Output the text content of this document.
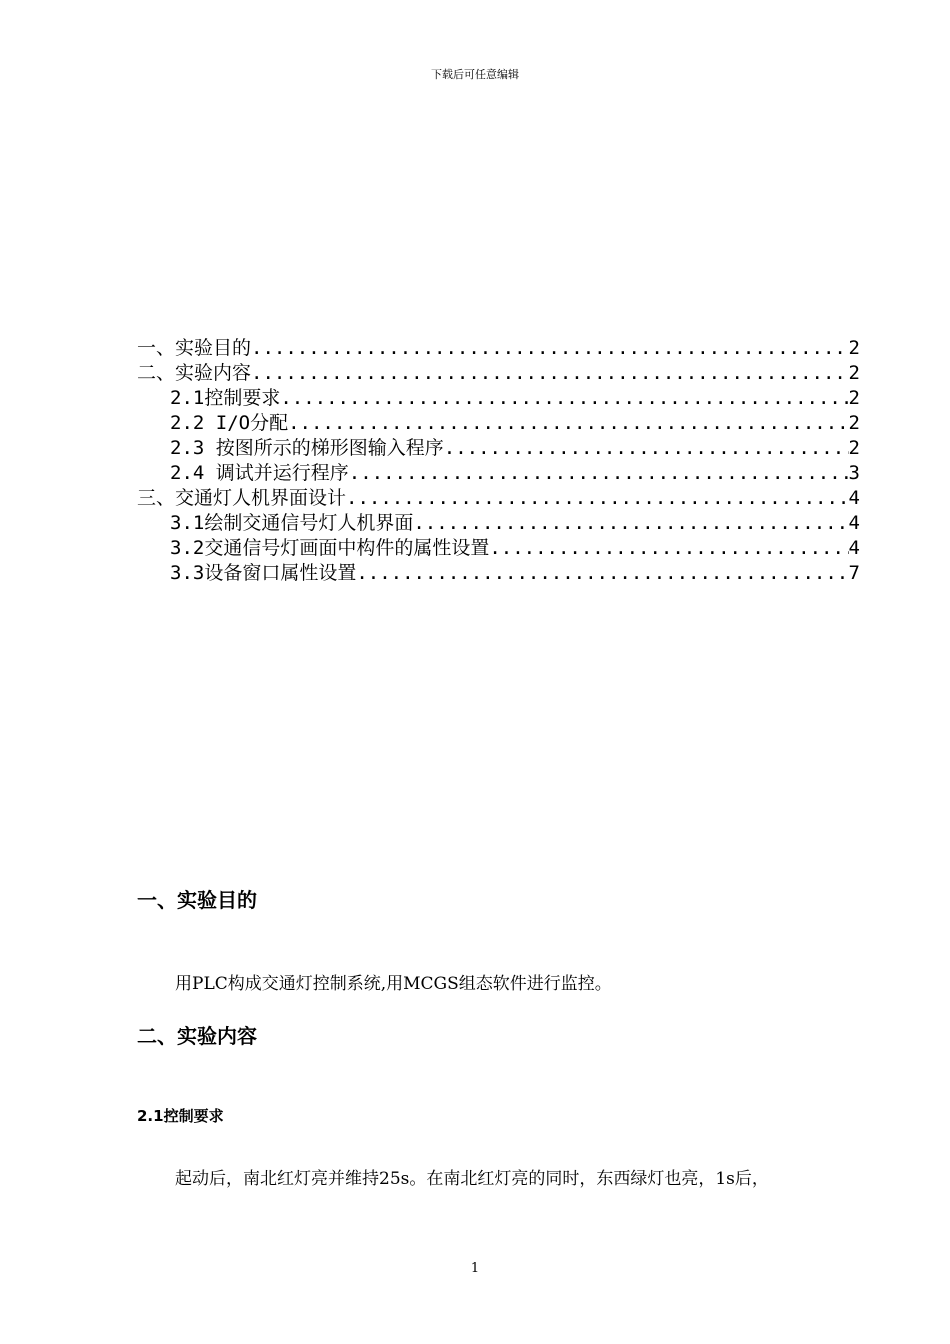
下载后可任意编辑
一、实验目的 .....	2
二、实验内容 .....	2
2.1控制要求 .....	2
2.2 I/O分配 .....	2
2.3 按图所示的梯形图输入程序 .....	2
2.4 调试并运行程序 .....	3
三、交通灯人机界面设计 .....	4
3.1绘制交通信号灯人机界面 .....	4
3.2交通信号灯画面中构件的属性设置 .....	4
3.3设备窗口属性设置 .....	7
一、实验目的
用PLC构成交通灯控制系统,用MCGS组态软件进行监控。
二、实验内容
2.1控制要求
起动后，南北红灯亮并维持25s。在南北红灯亮的同时，东西绿灯也亮，1s后，
1
